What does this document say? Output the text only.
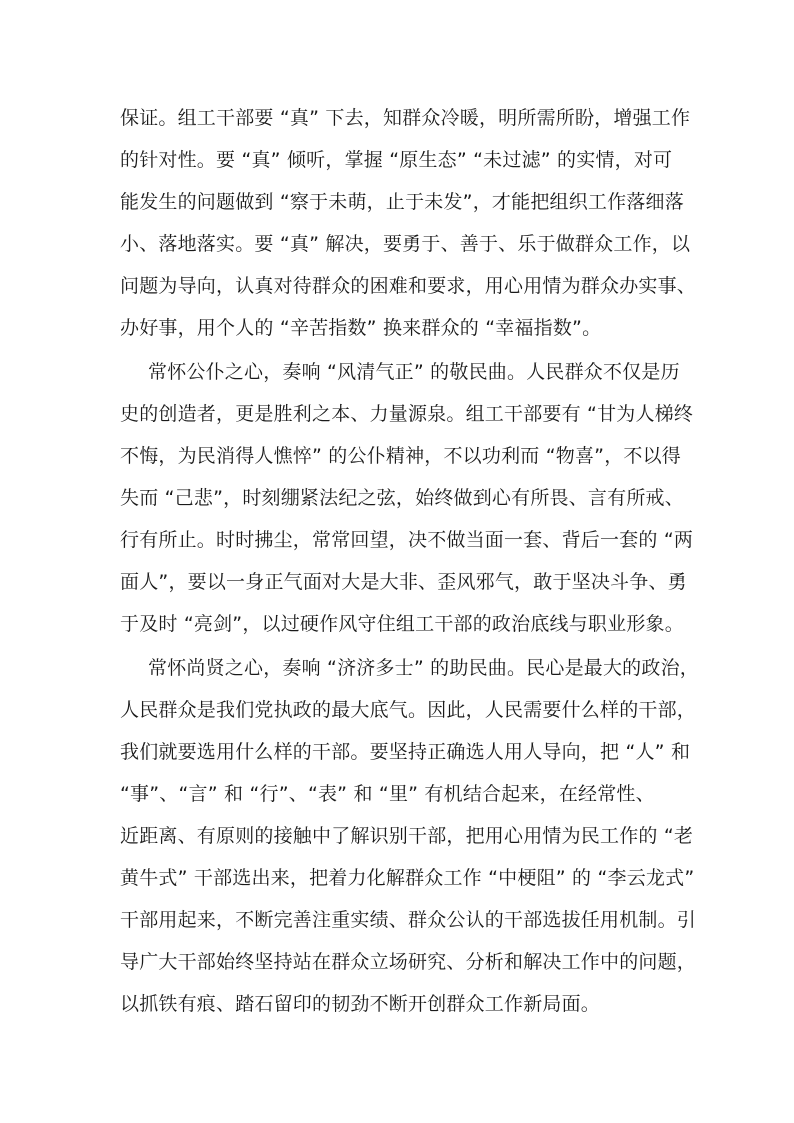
保证。组工干部要 “真” 下去，知群众冷暖，明所需所盼，增强工作
的针对性。要 “真” 倾听，掌握 “原生态” “未过滤” 的实情，对可
能发生的问题做到 “察于未萌，止于未发”，才能把组织工作落细落
小、落地落实。要 “真” 解决，要勇于、善于、乐于做群众工作，以
问题为导向，认真对待群众的困难和要求，用心用情为群众办实事、
办好事，用个人的 “辛苦指数” 换来群众的 “幸福指数”。
常怀公仆之心，奏响 “风清气正” 的敬民曲。人民群众不仅是历
史的创造者，更是胜利之本、力量源泉。组工干部要有 “甘为人梯终
不悔，为民消得人憔悴” 的公仆精神，不以功利而 “物喜”，不以得
失而 “己悲”，时刻绷紧法纪之弦，始终做到心有所畏、言有所戒、
行有所止。时时拂尘，常常回望，决不做当面一套、背后一套的 “两
面人”，要以一身正气面对大是大非、歪风邪气，敢于坚决斗争、勇
于及时 “亮剑”，以过硬作风守住组工干部的政治底线与职业形象。
常怀尚贤之心，奏响 “济济多士” 的助民曲。民心是最大的政治，
人民群众是我们党执政的最大底气。因此，人民需要什么样的干部，
我们就要选用什么样的干部。要坚持正确选人用人导向，把 “人” 和
“事”、“言” 和 “行”、“表” 和 “里” 有机结合起来，在经常性、
近距离、有原则的接触中了解识别干部，把用心用情为民工作的 “老
黄牛式” 干部选出来，把着力化解群众工作 “中梗阻” 的 “李云龙式”
干部用起来，不断完善注重实绩、群众公认的干部选拔任用机制。引
导广大干部始终坚持站在群众立场研究、分析和解决工作中的问题，
以抓铁有痕、踏石留印的韧劲不断开创群众工作新局面。
